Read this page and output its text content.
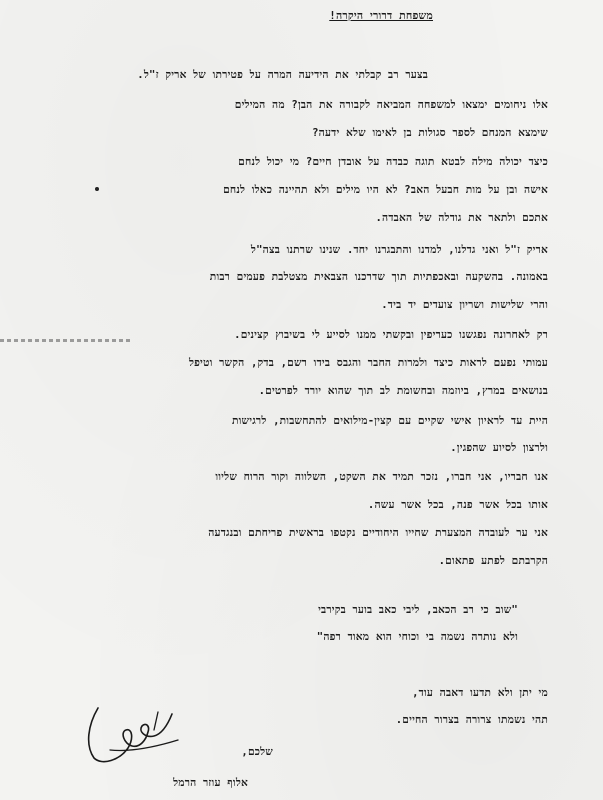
משפחת דרורי היקרה!
בצער רב קבלתי את הידיעה המרה על פטירתו של אריק ז"ל.
אלו ניחומים ימצאו למשפחה המביאה לקבורה את הבן? מה המילים
שימצא המנחם לספר סגולות בן לאימו שלא ידעה?
כיצד יכולה מילה לבטא תוגה כבדה על אובדן חיים? מי יכול לנחם
אישה ובן על מות חבעל האב? לא היו מילים ולא תהיינה כאלו לנחם
אתכם ולתאר את גודלה של האבדה.
אריק ז"ל ואני גדלנו, למדנו והתבגרנו יחד. שנינו שרתנו בצה"ל
באמונה. בהשקעה ובאכפתיות תוך שדרכנו הצבאית מצטלבת פעמים רבות
והרי שלישות ושריון צועדים יד ביד.
רק לאחרונה נפגשנו כעריפין ובקשתי ממנו לסייע לי בשיבוץ קצינים.
עמותי נפעם לראות כיצד ולמרות החבר והגבס בידו רשם, בדק, הקשר וטיפל
בנושאים במרץ, ביוזמה ובחשומת לב תוך שהוא יורד לפרטים.
היית עד לראיון אישי שקיים עם קצין-מילואים להתחשבות, לרגישות
ולרצון לסיוע שהפגין.
אנו חבריו, אני חברו, נזכר תמיד את השקט, השלווה וקור הרוח שליוו
אותו בכל אשר פנה, בכל אשר עשה.
אני ער לעובדה המצערת שחייו היחודיים נקטפו בראשית פריחתם ובנגדעה
הקרבתם לפתע פתאום.
"שוב כי רב הכאב, ליבי כאב בוער בקירבי
ולא נותרה נשמה בי וכוחי הוא מאוד רפה"
מי יתן ולא תדעו דאבה עוד,
תהי נשמתו צרורה בצרור החיים.
שלכם,
אלוף עוזר הרמל
